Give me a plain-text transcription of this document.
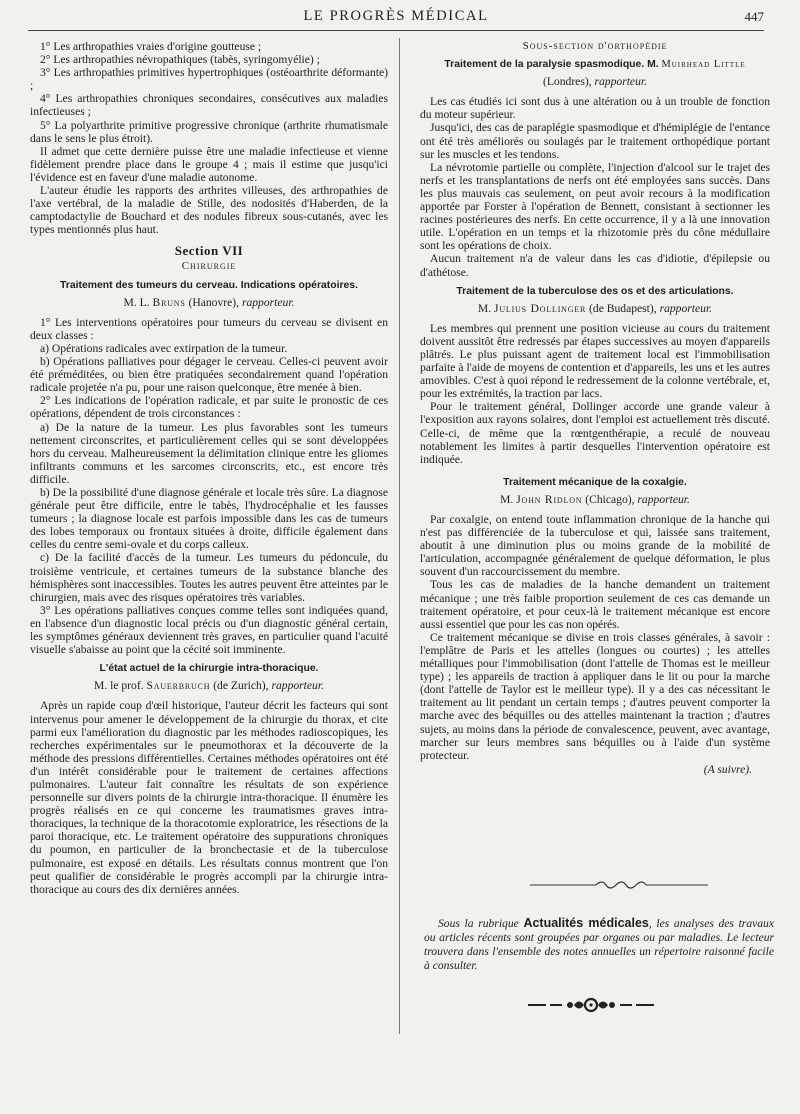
LE PROGRÈS MÉDICAL	447

1° Les arthropathies vraies d'origine goutteuse ;

2° Les arthropathies névropathiques (tabès, syringomyélie) ;

3° Les arthropathies primitives hypertrophiques (ostéoarthrite déformante) ;

4° Les arthropathies chroniques secondaires, consécutives aux maladies infectieuses ;

5° La polyarthrite primitive progressive chronique (arthrite rhumatismale dans le sens le plus étroit).

Il admet que cette dernière puisse être une maladie infectieuse et vienne fidèlement prendre place dans le groupe 4 ; mais il estime que jusqu'ici l'évidence est en faveur d'une maladie autonome.

L'auteur étudie les rapports des arthrites villeuses, des arthropathies de l'axe vertébral, de la maladie de Stille, des nodosités d'Haberden, de la camptodactylie de Bouchard et des nodules fibreux sous-cutanés, avec les types mentionnés plus haut.

Section VII
Chirurgie
Traitement des tumeurs du cerveau. Indications opératoires.
M. L. Bruns (Hanovre), rapporteur.

1° Les interventions opératoires pour tumeurs du cerveau se divisent en deux classes :

a) Opérations radicales avec extirpation de la tumeur.

b) Opérations palliatives pour dégager le cerveau. Celles-ci peuvent avoir été préméditées, ou bien être pratiquées secondairement quand l'opération radicale projetée n'a pu, pour une raison quelconque, être menée à bien.

2° Les indications de l'opération radicale, et par suite le pronostic de ces opérations, dépendent de trois circonstances :

a) De la nature de la tumeur. Les plus favorables sont les tumeurs nettement circonscrites, et particulièrement celles qui se sont développées hors du cerveau. Malheureusement la délimitation clinique entre les gliomes infiltrants communs et les sarcomes circonscrits, etc., est encore très difficile.

b) De la possibilité d'une diagnose générale et locale très sûre. La diagnose générale peut être difficile, entre le tabès, l'hydrocéphalie et les fausses tumeurs ; la diagnose locale est parfois impossible dans les cas de tumeurs des lobes temporaux ou frontaux situées à droite, difficile également dans celles du centre semi-ovale et du corps calleux.

c) De la facilité d'accès de la tumeur. Les tumeurs du pédoncule, du troisième ventricule, et certaines tumeurs de la substance blanche des hémisphères sont inaccessibles. Toutes les autres peuvent être atteintes par le chirurgien, mais avec des risques opératoires très variables.

3° Les opérations palliatives conçues comme telles sont indiquées quand, en l'absence d'un diagnostic local précis ou d'un diagnostic général certain, les symptômes généraux deviennent très graves, en particulier quand l'acuité visuelle s'abaisse au point que la cécité soit imminente.

L'état actuel de la chirurgie intra-thoracique.
M. le prof. Sauerbruch (de Zurich), rapporteur.

Après un rapide coup d'œil historique, l'auteur décrit les facteurs qui sont intervenus pour amener le développement de la chirurgie du thorax, et cite parmi eux l'amélioration du diagnostic par les méthodes radioscopiques, les recherches expérimentales sur le pneumothorax et la découverte de la méthode des pressions différentielles. Certaines méthodes opératoires ont été d'un intérêt considérable pour le traitement de certaines affections pulmonaires. L'auteur fait connaître les résultats de son expérience personnelle sur divers points de la chirurgie intra-thoracique. Il énumère les progrès réalisés en ce qui concerne les traumatismes graves intra-thoraciques, la technique de la thoracotomie exploratrice, les résections de la paroi thoracique, etc. Le traitement opératoire des suppurations chroniques du poumon, en particulier de la bronchectasie et de la tuberculose pulmonaire, est exposé en détails. Les résultats connus montrent que l'on peut qualifier de considérable le progrès accompli par la chirurgie intra-thoracique au cours des dix dernières années.

Sous-section d'orthopédie
Traitement de la paralysie spasmodique. M. Muirhead Little
(Londres), rapporteur.

Les cas étudiés ici sont dus à une altération ou à un trouble de fonction du moteur supérieur.

Jusqu'ici, des cas de paraplégie spasmodique et d'hémiplégie de l'entance ont été très améliorés ou soulagés par le traitement orthopédique portant sur les muscles et les tendons.

La névrotomie partielle ou complète, l'injection d'alcool sur le trajet des nerfs et les transplantations de nerfs ont été employées sans succès. Dans les plus mauvais cas seulement, on peut avoir recours à la modification apportée par Forster à l'opération de Bennett, consistant à sectionner les racines postérieures des nerfs. En cette occurrence, il y a là une innovation utile. L'opération en un temps et la rhizotomie près du cône médullaire sont les opérations de choix.

Aucun traitement n'a de valeur dans les cas d'idiotie, d'épilepsie ou d'athétose.

Traitement de la tuberculose des os et des articulations.
M. Julius Dollinger (de Budapest), rapporteur.

Les membres qui prennent une position vicieuse au cours du traitement doivent aussitôt être redressés par étapes successives au moyen d'appareils plâtrés. Le plus puissant agent de traitement local est l'immobilisation parfaite à l'aide de moyens de contention et d'appareils, les uns et les autres amovibles. C'est à quoi répond le redressement de la colonne vertébrale, et, pour les extrémités, la traction par lacs.

Pour le traitement général, Dollinger accorde une grande valeur à l'exposition aux rayons solaires, dont l'emploi est actuellement très discuté. Celle-ci, de même que la rœntgenthérapie, a reculé de nouveau notablement les limites à partir desquelles l'intervention opératoire est indiquée.

Traitement mécanique de la coxalgie.
M. John Ridlon (Chicago), rapporteur.

Par coxalgie, on entend toute inflammation chronique de la hanche qui n'est pas différenciée de la tuberculose et qui, laissée sans traitement, aboutit à une diminution plus ou moins grande de la mobilité de l'articulation, accompagnée généralement de quelque déformation, le plus souvent d'un raccourcissement du membre.

Tous les cas de maladies de la hanche demandent un traitement mécanique ; une très faible proportion seulement de ces cas demande un traitement opératoire, et pour ceux-là le traitement mécanique est encore aussi essentiel que pour les cas non opérés.

Ce traitement mécanique se divise en trois classes générales, à savoir : l'emplâtre de Paris et les attelles (longues ou courtes) ; les attelles métalliques pour l'immobilisation (dont l'attelle de Thomas est le meilleur type) ; les appareils de traction à appliquer dans le lit ou pour la marche (dont l'attelle de Taylor est le meilleur type). Il y a des cas nécessitant le traitement au lit pendant un certain temps ; d'autres peuvent comporter la marche avec des béquilles ou des attelles maintenant la traction ; d'autres sujets, au moins dans la période de convalescence, peuvent, avec avantage, marcher sur leurs membres sans béquilles ou à l'aide d'un système protecteur.

(A suivre).
Sous la rubrique Actualités médicales, les analyses des travaux ou articles récents sont groupées par organes ou par maladies. Le lecteur trouvera dans l'ensemble des notes annuelles un répertoire raisonné facile à consulter.
